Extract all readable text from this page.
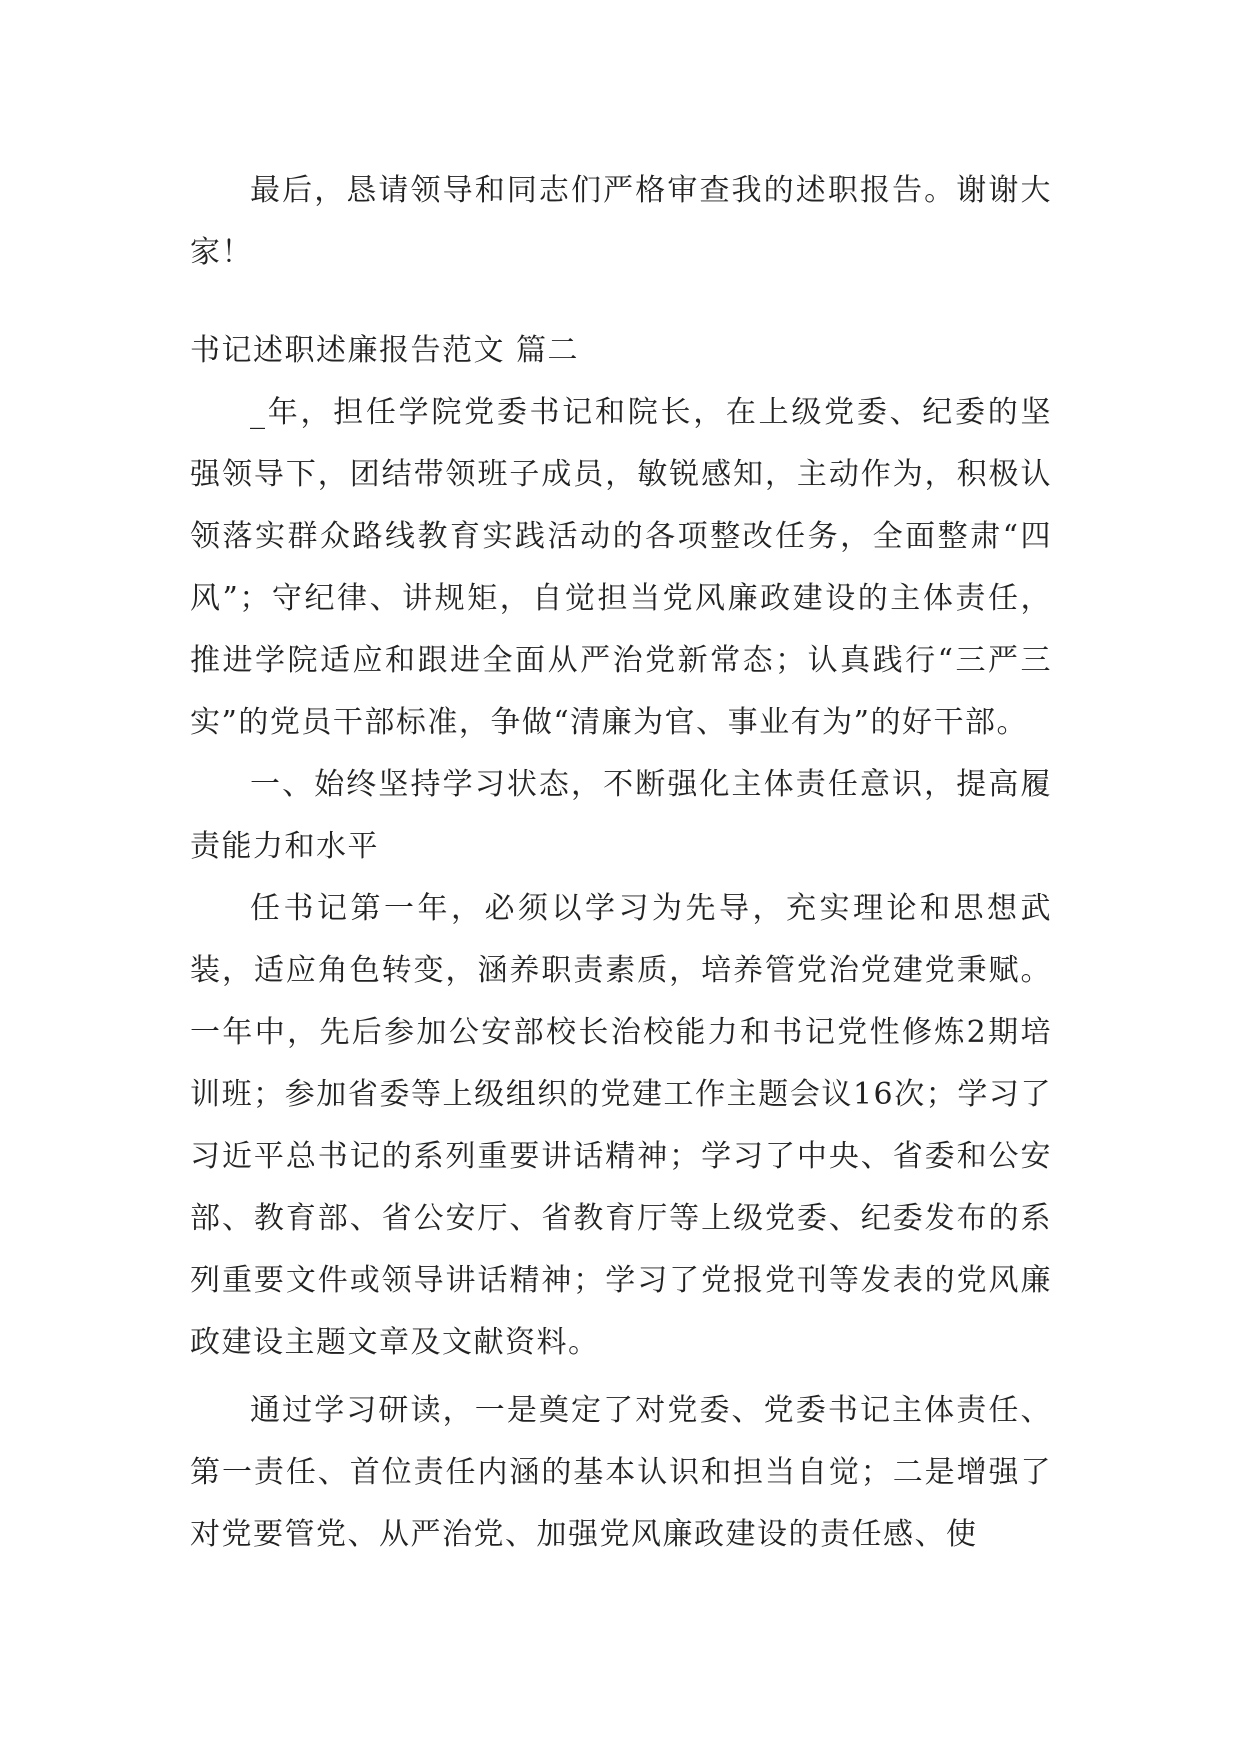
最后，恳请领导和同志们严格审查我的述职报告。谢谢大家！

书记述职述廉报告范文 篇二

_年，担任学院党委书记和院长，在上级党委、纪委的坚强领导下，团结带领班子成员，敏锐感知，主动作为，积极认领落实群众路线教育实践活动的各项整改任务，全面整肃“四风”；守纪律、讲规矩，自觉担当党风廉政建设的主体责任，推进学院适应和跟进全面从严治党新常态；认真践行“三严三实”的党员干部标准，争做“清廉为官、事业有为”的好干部。

一、始终坚持学习状态，不断强化主体责任意识，提高履责能力和水平

任书记第一年，必须以学习为先导，充实理论和思想武装，适应角色转变，涵养职责素质，培养管党治党建党秉赋。一年中，先后参加公安部校长治校能力和书记党性修炼2期培训班；参加省委等上级组织的党建工作主题会议16次；学习了习近平总书记的系列重要讲话精神；学习了中央、省委和公安部、教育部、省公安厅、省教育厅等上级党委、纪委发布的系列重要文件或领导讲话精神；学习了党报党刊等发表的党风廉政建设主题文章及文献资料。

通过学习研读，一是奠定了对党委、党委书记主体责任、第一责任、首位责任内涵的基本认识和担当自觉；二是增强了对党要管党、从严治党、加强党风廉政建设的责任感、使
